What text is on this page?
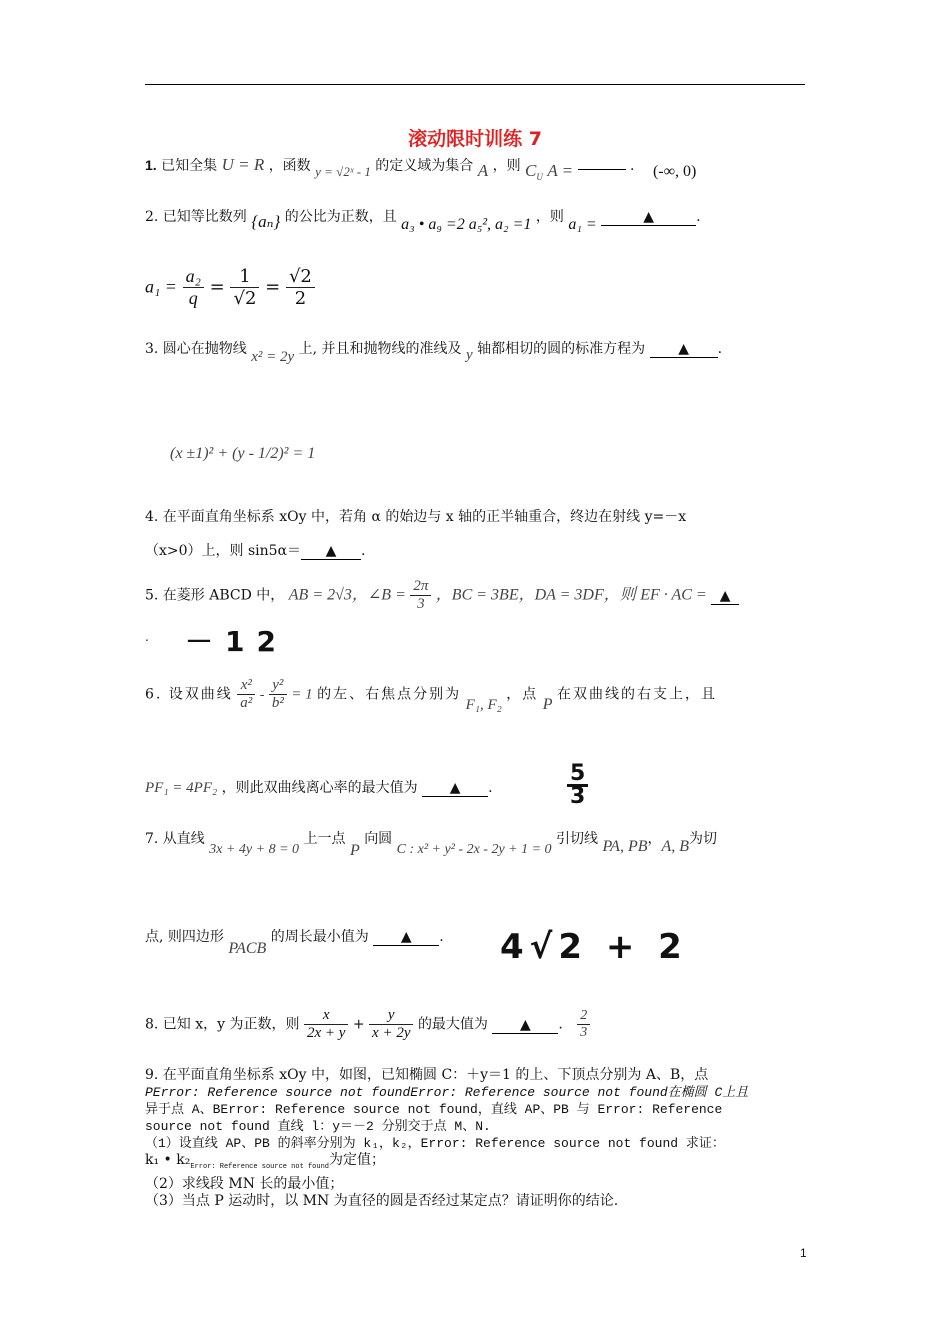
滚动限时训练 7
1. 已知全集 U = R ，函数 y = √2ˣ - 1 的定义域为集合 A ，则 $C_U$ A =	. (-∞, 0)
2. 已知等比数列 {aₙ} 的公比为正数，且 a₃ • a₉ =2 a₅², a₂ =1 ，则 a₁ =	▲	.
$a_1 = \frac{\text{a₂}}{q} = \frac{1}{√2} = \frac{√2}{2}$
3. 圆心在抛物线 x² = 2y 上, 并且和抛物线的准线及 y 轴都相切的圆的标准方程为 ▲ .
(x ±1)² + (y - 1/2)² = 1
4. 在平面直角坐标系 xOy 中，若角 α 的始边与 x 轴的正半轴重合，终边在射线 y=－x
（x>0）上，则 sin5α＝ ▲ .
5. 在菱形 ABCD 中， AB = 2√3，∠B = $\frac{2\pi}{3}$ ，BC = 3BE，DA = 3DF，则 EF · AC = ▲
. －12
6. 设双曲线 $\frac{\text{x²}}{\text{a²}} - \frac{\text{y²}}{\text{b²}} = 1$ 的左、右焦点分别为 F₁, F₂ ，点 P 在双曲线的右支上，且
PF₁ = 4PF₂ ，则此双曲线离心率的最大值为 ▲ .	$\frac{5}{3}$
7. 从直线 3x + 4y + 8 = 0 上一点 P 向圆 C : x² + y² - 2x - 2y + 1 = 0 引切线 PA, PB，A, B为切
点, 则四边形 PACB 的周长最小值为 ▲ . 4√2 + 2
8. 已知 x，y 为正数，则 $\frac{x}{2x + y} + \frac{y}{x + 2y}$ 的最大值为 ▲ . $\frac{2}{3}$
9. 在平面直角坐标系 xOy 中，如图，已知椭圆 C：＋y＝1 的上、下顶点分别为 A、B，点
PError: Reference source not foundError: Reference source not found在椭圆 C上且
异于点 A、BError: Reference source not found，直线 AP、PB 与 Error: Reference
source not found 直线 l：y＝－2 分别交于点 M、N.
（1）设直线 AP、PB 的斜率分别为 k₁，k₂，Error: Reference source not found 求证：
k₁ • $k_2_{Error: Reference source not found}$为定值；
（2）求线段 MN 长的最小值；
（3）当点 P 运动时，以 MN 为直径的圆是否经过某定点？请证明你的结论.
1
